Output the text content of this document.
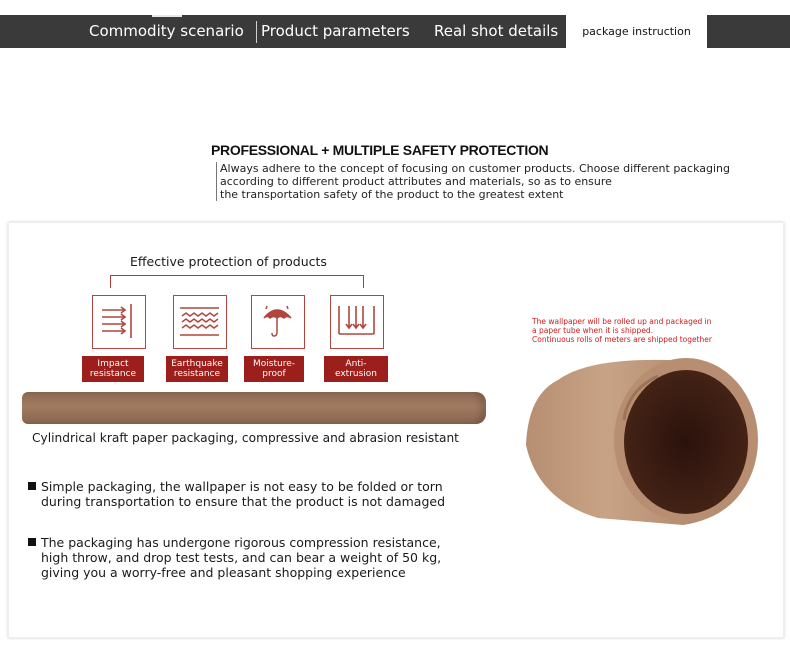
Commodity scenario Product parameters Real shot details	package instruction
PROFESSIONAL + MULTIPLE SAFETY PROTECTION
Always adhere to the concept of focusing on customer products. Choose different packaging
according to different product attributes and materials, so as to ensure
the transportation safety of the product to the greatest extent
Effective protection of products
Impact
resistance
Earthquake
resistance
Moisture-
proof
Anti-
extrusion
Cylindrical kraft paper packaging, compressive and abrasion resistant
Simple packaging, the wallpaper is not easy to be folded or torn
during transportation to ensure that the product is not damaged
The packaging has undergone rigorous compression resistance,
high throw, and drop test tests, and can bear a weight of 50 kg,
giving you a worry-free and pleasant shopping experience
The wallpaper will be rolled up and packaged in
a paper tube when it is shipped.
Continuous rolls of meters are shipped together
